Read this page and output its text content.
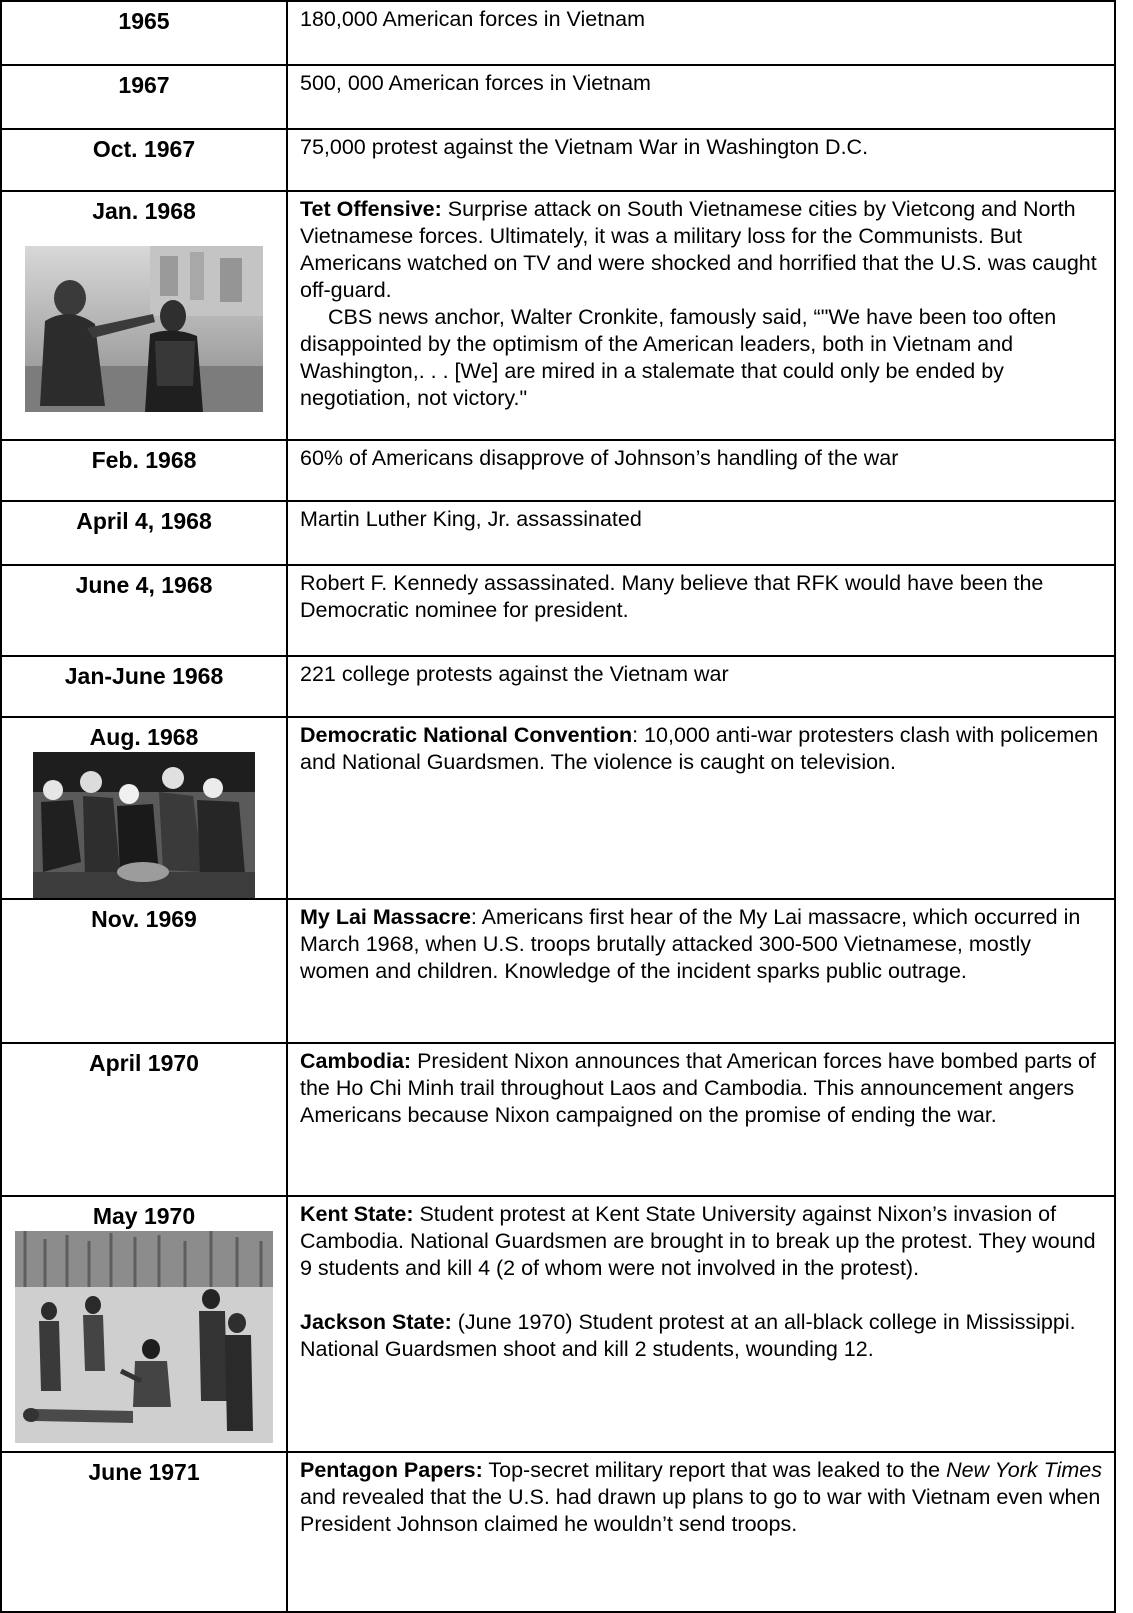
1965	180,000 American forces in Vietnam

1967	500, 000 American forces in Vietnam

Oct. 1967	75,000 protest against the Vietnam War in Washington D.C.

Jan. 1968	Tet Offensive: Surprise attack on South Vietnamese cities by Vietcong and North Vietnamese forces. Ultimately, it was a military loss for the Communists. But Americans watched on TV and were shocked and horrified that the U.S. was caught off-guard.
CBS news anchor, Walter Cronkite, famously said, “"We have been too often disappointed by the optimism of the American leaders, both in Vietnam and Washington,. . . [We] are mired in a stalemate that could only be ended by negotiation, not victory."

Feb. 1968	60% of Americans disapprove of Johnson’s handling of the war

April 4, 1968	Martin Luther King, Jr. assassinated

June 4, 1968	Robert F. Kennedy assassinated. Many believe that RFK would have been the Democratic nominee for president.

Jan-June 1968	221 college protests against the Vietnam war

Aug. 1968	Democratic National Convention: 10,000 anti-war protesters clash with policemen and National Guardsmen. The violence is caught on television.

Nov. 1969	My Lai Massacre: Americans first hear of the My Lai massacre, which occurred in March 1968, when U.S. troops brutally attacked 300-500 Vietnamese, mostly women and children. Knowledge of the incident sparks public outrage.

April 1970	Cambodia: President Nixon announces that American forces have bombed parts of the Ho Chi Minh trail throughout Laos and Cambodia. This announcement angers Americans because Nixon campaigned on the promise of ending the war.

May 1970	Kent State: Student protest at Kent State University against Nixon’s invasion of Cambodia. National Guardsmen are brought in to break up the protest. They wound 9 students and kill 4 (2 of whom were not involved in the protest).
Jackson State: (June 1970) Student protest at an all-black college in Mississippi. National Guardsmen shoot and kill 2 students, wounding 12.

June 1971	Pentagon Papers: Top-secret military report that was leaked to the New York Times and revealed that the U.S. had drawn up plans to go to war with Vietnam even when President Johnson claimed he wouldn’t send troops.
